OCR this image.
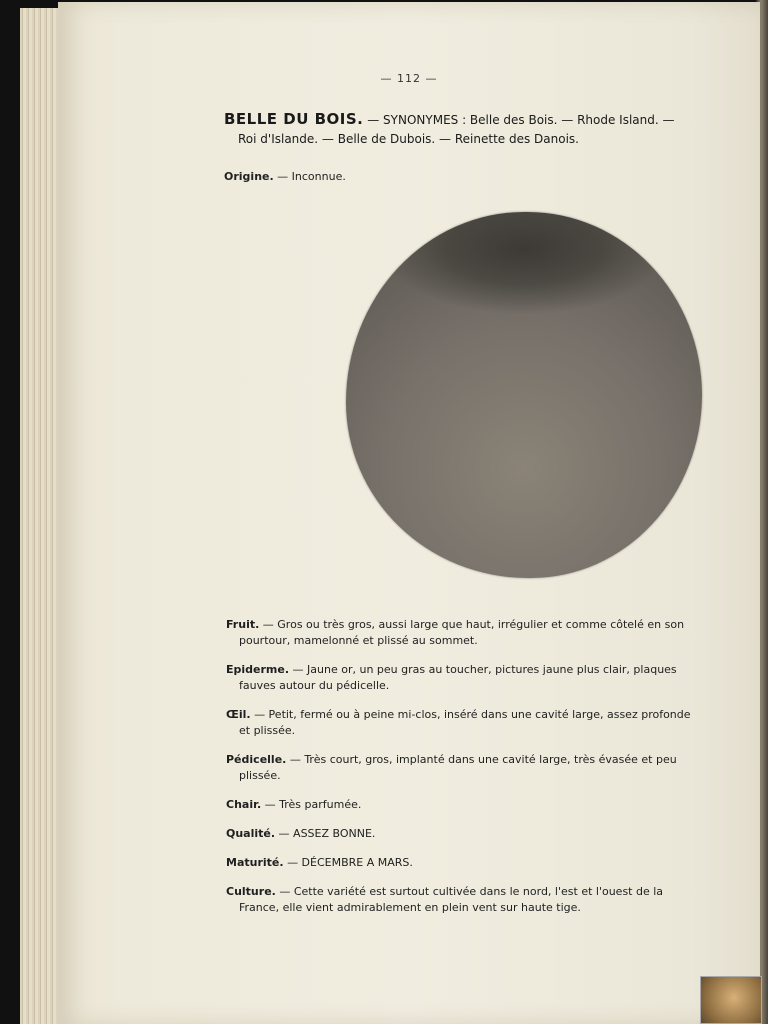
— 112 —
BELLE DU BOIS. — SYNONYMES : Belle des Bois. — Rhode Island. —
Roi d'Islande. — Belle de Dubois. — Reinette des Danois.
Origine. — Inconnue.
Fruit. — Gros ou très gros, aussi large que haut, irrégulier et comme côtelé en son
pourtour, mamelonné et plissé au sommet.
Epiderme. — Jaune or, un peu gras au toucher, pictures jaune plus clair, plaques
fauves autour du pédicelle.
Œil. — Petit, fermé ou à peine mi-clos, inséré dans une cavité large, assez profonde
et plissée.
Pédicelle. — Très court, gros, implanté dans une cavité large, très évasée et peu
plissée.
Chair. — Très parfumée.
Qualité. — ASSEZ BONNE.
Maturité. — DÉCEMBRE A MARS.
Culture. — Cette variété est surtout cultivée dans le nord, l'est et l'ouest de la
France, elle vient admirablement en plein vent sur haute tige.
